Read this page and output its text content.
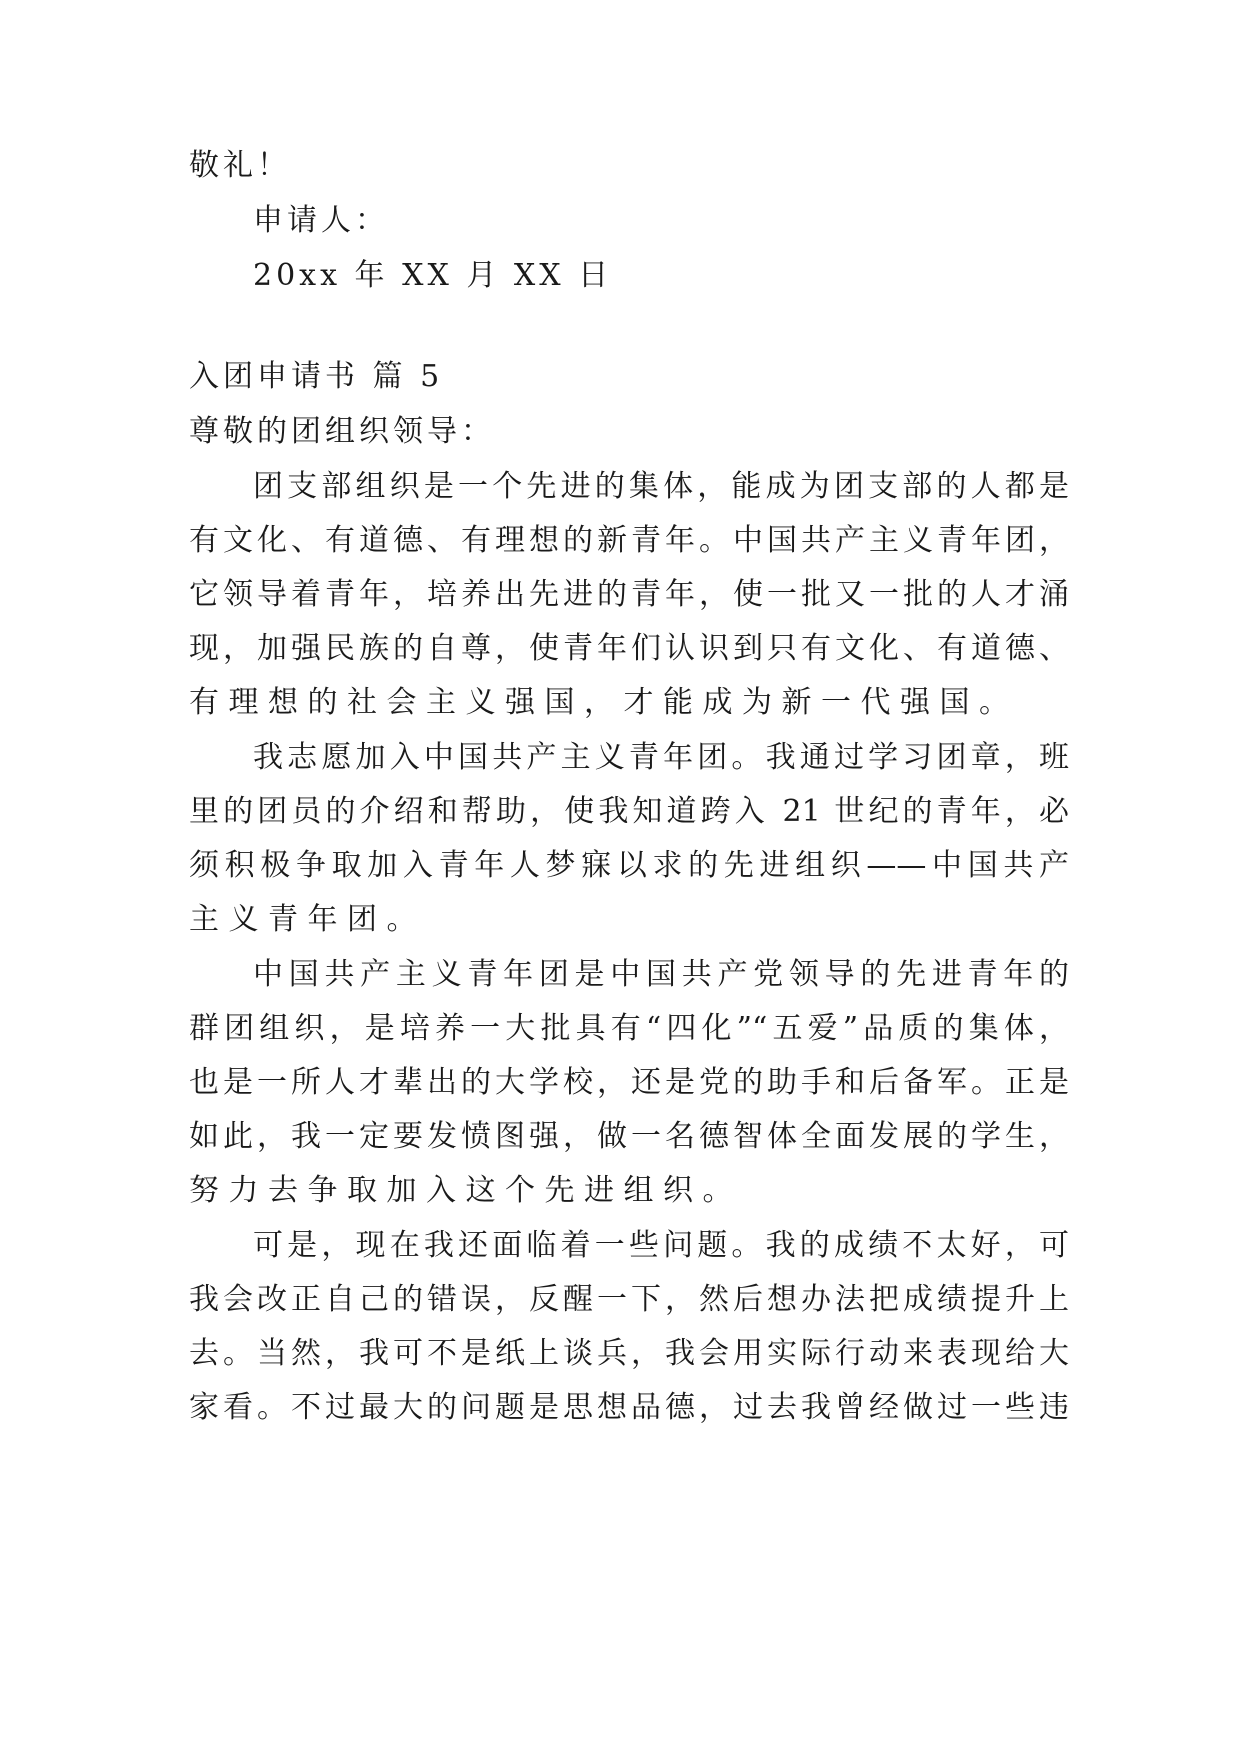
敬礼！
申请人：
20xx 年 XX 月 XX 日
入团申请书 篇 5
尊敬的团组织领导：
团支部组织是一个先进的集体，能成为团支部的人都是
有文化、有道德、有理想的新青年。中国共产主义青年团，
它领导着青年，培养出先进的青年，使一批又一批的人才涌
现，加强民族的自尊，使青年们认识到只有文化、有道德、
有理想的社会主义强国，才能成为新一代强国。
我志愿加入中国共产主义青年团。我通过学习团章，班
里的团员的介绍和帮助，使我知道跨入 21 世纪的青年，必
须积极争取加入青年人梦寐以求的先进组织——中国共产
主义青年团。
中国共产主义青年团是中国共产党领导的先进青年的
群团组织，是培养一大批具有“四化”“五爱”品质的集体，
也是一所人才辈出的大学校，还是党的助手和后备军。正是
如此，我一定要发愤图强，做一名德智体全面发展的学生，
努力去争取加入这个先进组织。
可是，现在我还面临着一些问题。我的成绩不太好，可
我会改正自己的错误，反醒一下，然后想办法把成绩提升上
去。当然，我可不是纸上谈兵，我会用实际行动来表现给大
家看。不过最大的问题是思想品德，过去我曾经做过一些违
